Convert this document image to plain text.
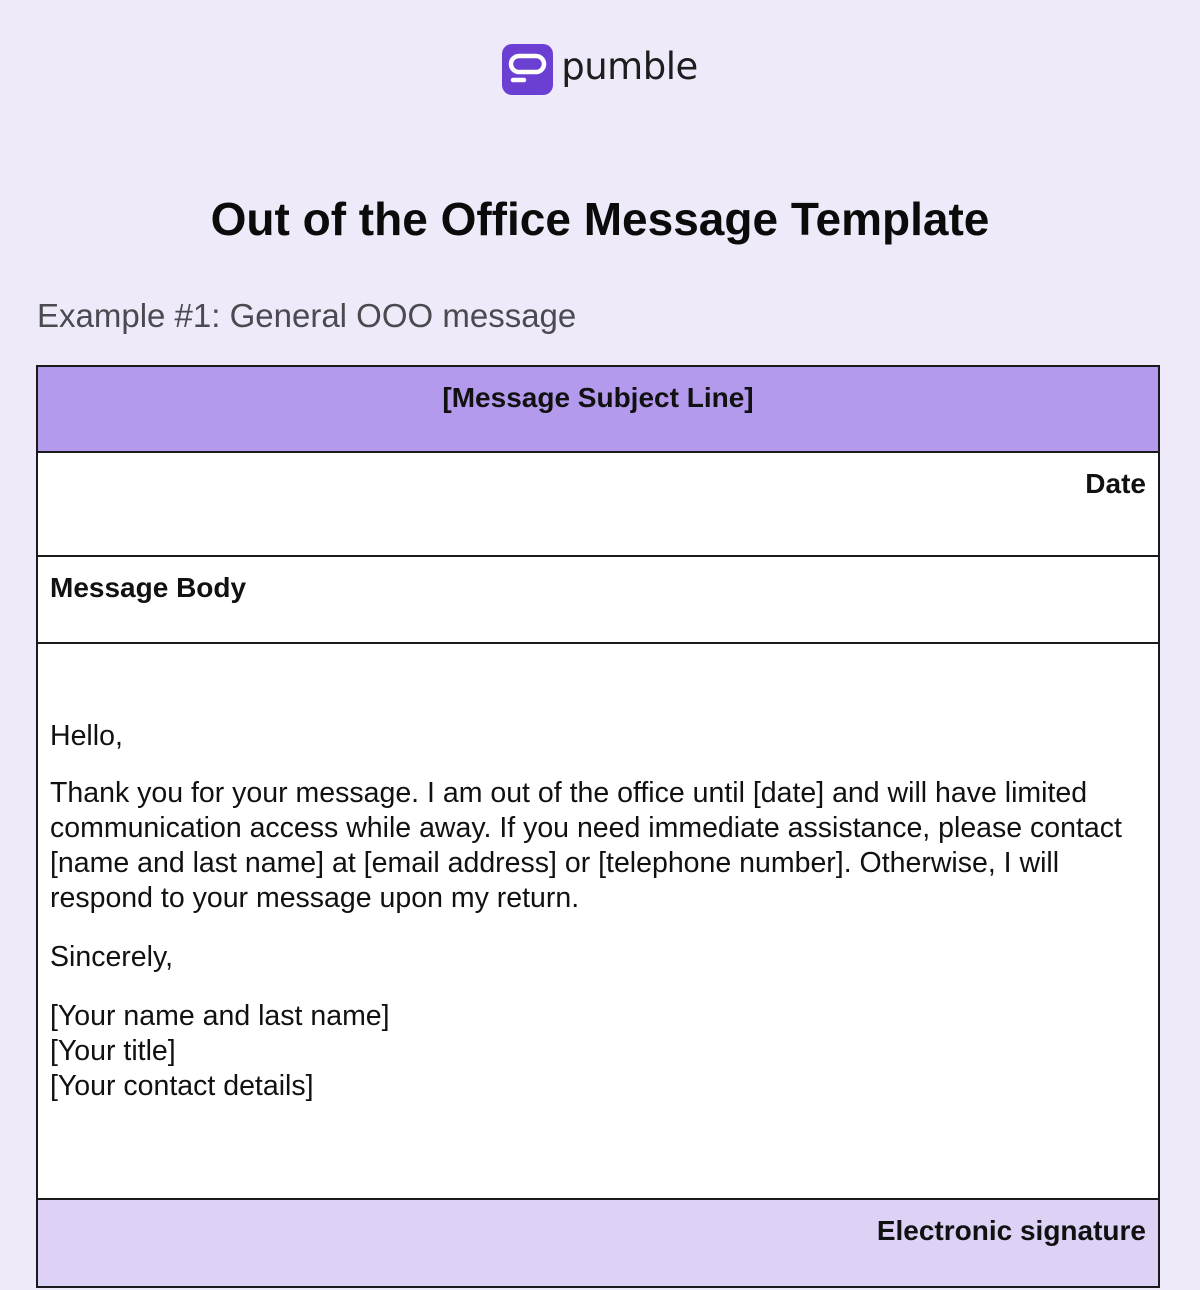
pumble
Out of the Office Message Template

Example #1: General OOO message

[Message Subject Line]
Date
Message Body

Hello,

Thank you for your message. I am out of the office until [date] and will have limited communication access while away. If you need immediate assistance, please contact [name and last name] at [email address] or [telephone number]. Otherwise, I will respond to your message upon my return.

Sincerely,

[Your name and last name]
[Your title]
[Your contact details]

Electronic signature
